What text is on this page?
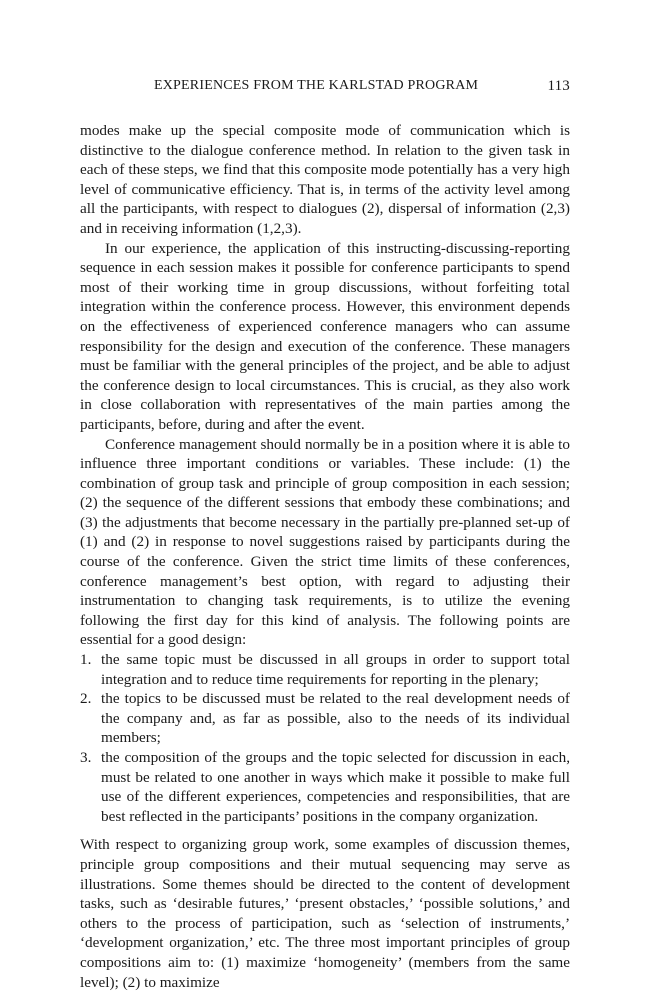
EXPERIENCES FROM THE KARLSTAD PROGRAM	113

modes make up the special composite mode of communication which is distinctive to the dialogue conference method. In relation to the given task in each of these steps, we find that this composite mode potentially has a very high level of communicative efficiency. That is, in terms of the activity level among all the participants, with respect to dialogues (2), dispersal of information (2,3) and in receiving information (1,2,3).

In our experience, the application of this instructing-discussing-reporting sequence in each session makes it possible for conference participants to spend most of their working time in group discussions, without forfeiting total integration within the conference process. However, this environment depends on the effectiveness of experienced conference managers who can assume responsibility for the design and execution of the conference. These managers must be familiar with the general principles of the project, and be able to adjust the conference design to local circumstances. This is crucial, as they also work in close collaboration with representatives of the main parties among the participants, before, during and after the event.

Conference management should normally be in a position where it is able to influence three important conditions or variables. These include: (1) the combination of group task and principle of group composition in each session; (2) the sequence of the different sessions that embody these combinations; and (3) the adjustments that become necessary in the partially pre-planned set-up of (1) and (2) in response to novel suggestions raised by participants during the course of the conference. Given the strict time limits of these conferences, conference management’s best option, with regard to adjusting their instrumentation to changing task requirements, is to utilize the evening following the first day for this kind of analysis. The following points are essential for a good design:

1. the same topic must be discussed in all groups in order to support total integration and to reduce time requirements for reporting in the plenary;
2. the topics to be discussed must be related to the real development needs of the company and, as far as possible, also to the needs of its individual members;
3. the composition of the groups and the topic selected for discussion in each, must be related to one another in ways which make it possible to make full use of the different experiences, competencies and responsibilities, that are best reflected in the participants’ positions in the company organization.

With respect to organizing group work, some examples of discussion themes, principle group compositions and their mutual sequencing may serve as illustrations. Some themes should be directed to the content of development tasks, such as ‘desirable futures,’ ‘present obstacles,’ ‘possible solutions,’ and others to the process of participation, such as ‘selection of instruments,’ ‘development organization,’ etc. The three most important principles of group compositions aim to: (1) maximize ‘homogeneity’ (members from the same level); (2) to maximize
